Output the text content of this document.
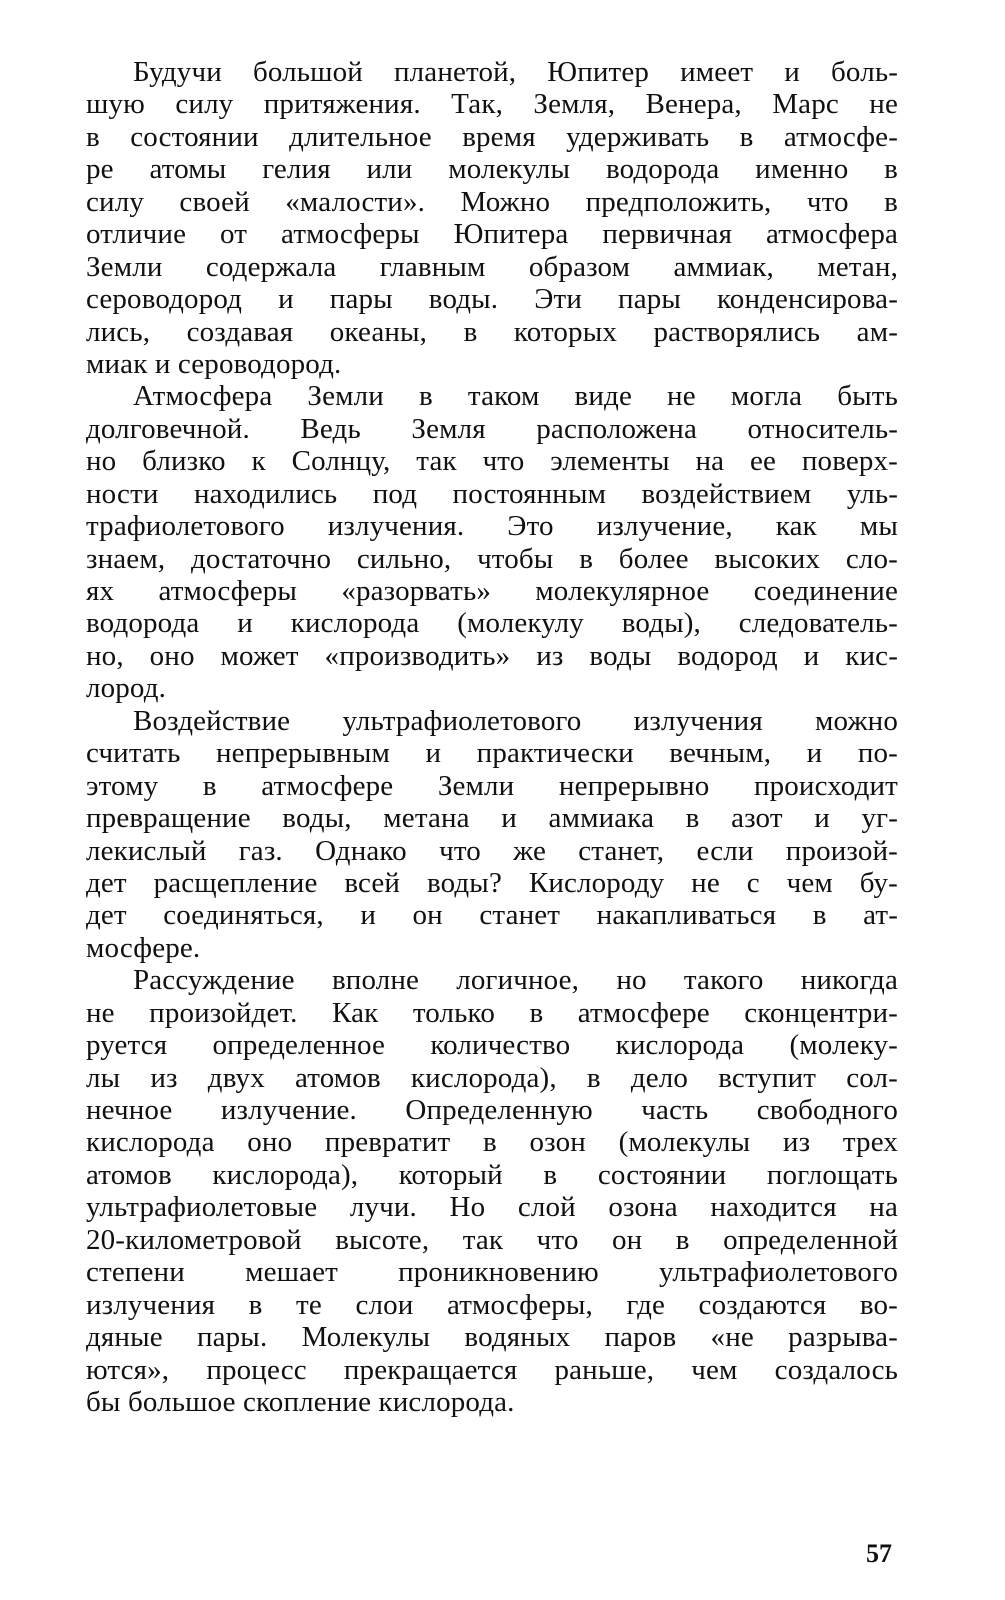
Будучи большой планетой, Юпитер имеет и боль-
шую силу притяжения. Так, Земля, Венера, Марс не
в состоянии длительное время удерживать в атмосфе-
ре атомы гелия или молекулы водорода именно в
силу своей «малости». Можно предположить, что в
отличие от атмосферы Юпитера первичная атмосфера
Земли содержала главным образом аммиак, метан,
сероводород и пары воды. Эти пары конденсирова-
лись, создавая океаны, в которых растворялись ам-
миак и сероводород.
Атмосфера Земли в таком виде не могла быть
долговечной. Ведь Земля расположена относитель-
но близко к Солнцу, так что элементы на ее поверх-
ности находились под постоянным воздействием уль-
трафиолетового излучения. Это излучение, как мы
знаем, достаточно сильно, чтобы в более высоких сло-
ях атмосферы «разорвать» молекулярное соединение
водорода и кислорода (молекулу воды), следователь-
но, оно может «производить» из воды водород и кис-
лород.
Воздействие ультрафиолетового излучения можно
считать непрерывным и практически вечным, и по-
этому в атмосфере Земли непрерывно происходит
превращение воды, метана и аммиака в азот и уг-
лекислый газ. Однако что же станет, если произой-
дет расщепление всей воды? Кислороду не с чем бу-
дет соединяться, и он станет накапливаться в ат-
мосфере.
Рассуждение вполне логичное, но такого никогда
не произойдет. Как только в атмосфере сконцентри-
руется определенное количество кислорода (молеку-
лы из двух атомов кислорода), в дело вступит сол-
нечное излучение. Определенную часть свободного
кислорода оно превратит в озон (молекулы из трех
атомов кислорода), который в состоянии поглощать
ультрафиолетовые лучи. Но слой озона находится на
20-километровой высоте, так что он в определенной
степени мешает проникновению ультрафиолетового
излучения в те слои атмосферы, где создаются во-
дяные пары. Молекулы водяных паров «не разрыва-
ются», процесс прекращается раньше, чем создалось
бы большое скопление кислорода.
57
